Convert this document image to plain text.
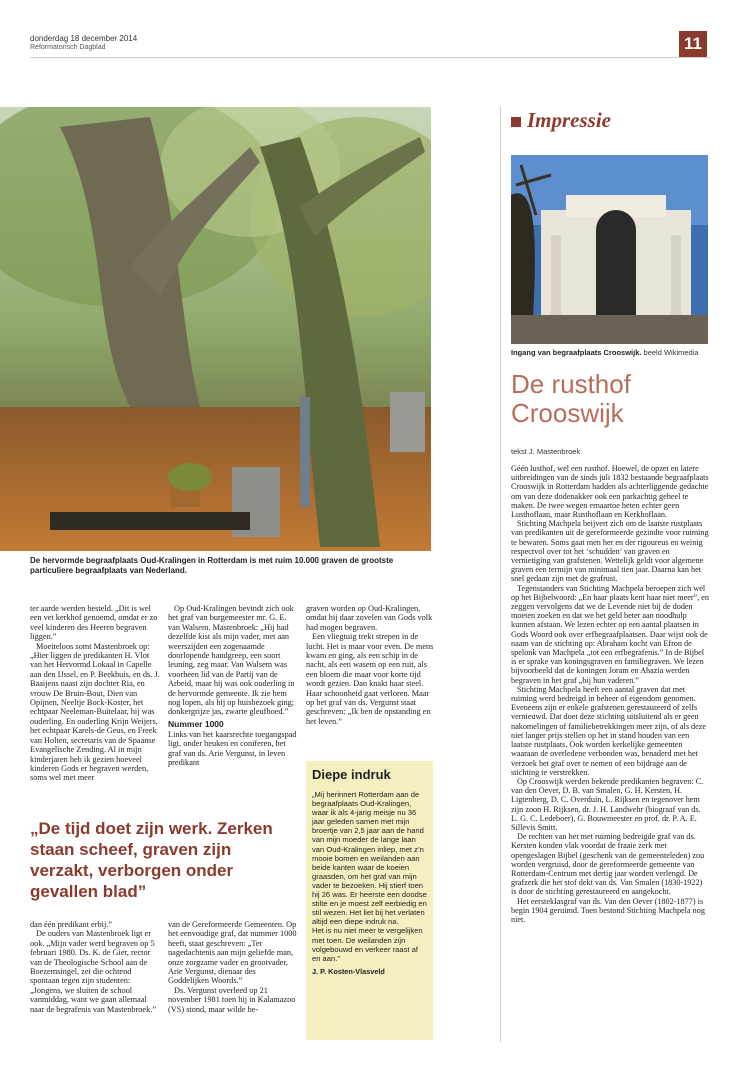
donderdag 18 december 2014
Reformatorisch Dagblad	11
De hervormde begraafplaats Oud-Kralingen in Rotterdam is met ruim 10.000 graven de grootste particuliere begraafplaats van Nederland.

ter aarde werden besteld. „Dit is wel een vet kerkhof genoemd, omdat er zo veel kinderen des Heeren begraven liggen.”

Moeiteloos somt Mastenbroek op: „Hier liggen de predikanten H. Vlot van het Hervormd Lokaal in Capelle aan den IJssel, en P. Beekhuis, en ds. J. Baaijens naast zijn dochter Ria, en vrouw De Bruin-Bout, Dien van Opijnen, Neeltje Bock-Koster, het echtpaar Neeleman-Buitelaar, hij was ouderling. En ouderling Krijn Weijers, het echtpaar Karels-de Geus, en Freek van Holten, secretaris van de Spaanse Evangelische Zending. Al in mijn kinderjaren heb ik gezien hoeveel kinderen Gods er begraven werden, soms wel met meer

Op Oud-Kralingen bevindt zich ook het graf van burgemeester mr. G. E. van Walsem. Mastenbroek: „Hij had dezelfde kist als mijn vader, met aan weerszijden een zogenaamde doorlopende handgreep, een soort leuning, zeg maar. Van Walsem was voorheen lid van de Partij van de Arbeid, maar hij was ook ouderling in de hervormde gemeente. Ik zie hem nog lopen, als hij op huisbezoek ging; donkergrijze jas, zwarte gleufhoed.”

Nummer 1000

Links van het kaarsrechte toegangspad ligt, onder beuken en coniferen, het graf van ds. Arie Vergunst, in leven predikant

graven worden op Oud-Kralingen, omdat hij daar zovelen van Gods volk had mogen begraven.

Een vliegtuig trekt strepen in de lucht. Het is maar voor even. De mens kwam en ging, als een schip in de nacht, als een wasem op een ruit, als een bloem die maar voor korte tijd wordt gezien. Dan knakt haar steel. Haar schoonheid gaat verloren. Maar op het graf van ds. Vergunst staat geschreven: „Ik ben de opstanding en het leven.”

„De tijd doet zijn werk. Zerken staan scheef, graven zijn verzakt, verborgen onder gevallen blad”

dan één predikant erbij.”

De ouders van Mastenbroek ligt er ook. „Mijn vader werd begraven op 5 februari 1980. Ds. K. de Gier, rector van de Theologische School aan de Boezemsingel, zei die ochtend spontaan tegen zijn studenten: „Jongens, we sluiten de school vanmiddag, want we gaan allemaal naar de begrafenis van Mastenbroek.”

van de Gereformeerde Gemeenten. Op het eenvoudige graf, dat nummer 1000 heeft, staat geschreven: „Ter nagedachtenis aan mijn geliefde man, onze zorgzame vader en grootvader, Arie Vergunst, dienaar des Goddelijken Woords.”

Ds. Vergunst overleed op 21 november 1981 toen hij in Kalamazoo (VS) stond, maar wilde be-

Diepe indruk
„Mij herinnert Rotterdam aan de begraafplaats Oud-Kralingen, waar ik als 4-jarig meisje nu 36 jaar geleden samen met mijn broertje van 2,5 jaar aan de hand van mijn moeder de lange laan van Oud-Kralingen inliep, met z’n mooie bomen en weilanden aan beide kanten waar de koeien graasden, om het graf van mijn vader te bezoeken. Hij stierf toen hij 26 was. Er heerste een doodse stilte en je moest zelf eerbiedig en stil wezen. Het liet bij het verlaten altijd een diepe indruk na.
Het is nu niet meer te vergelijken met toen. De weilanden zijn volgebouwd en verkeer raast af en aan.”
J. P. Kosten-Vlasveld
Impressie
Ingang van begraafplaats Crooswijk. beeld Wikimedia
De rusthof
Crooswijk
tekst J. Mastenbroek

Géén lusthof, wel een rusthof. Hoewel, de opzet en latere uitbreidingen van de sinds juli 1832 bestaande begraafplaats Crooswijk in Rotterdam hadden als achterliggende gedachte om van deze dodenakker ook een parkachtig geheel te maken. De twee wegen ernaartoe heten echter geen Lusthoflaan, maar Rusthoflaan en Kerkhoflaan.

Stichting Machpela beijvert zich om de laatste rustplaats van predikanten uit de gereformeerde gezindte voor ruiming te bewaren. Soms gaat men her en der rigoureus en weinig respectvol over tot het ‘schudden’ van graven en vernietiging van grafstenen. Wettelijk geldt voor algemene graven een termijn van minimaal tien jaar. Daarna kan het snel gedaan zijn met de grafrust.

Tegenstanders van Stichting Machpela beroepen zich wel op het Bijbelwoord: „En haar plaats kent haar niet meer”, en zeggen vervolgens dat we de Levende niet bij de doden moeten zoeken en dat we het geld beter aan noodhulp kunnen afstaan. We lezen echter op een aantal plaatsen in Gods Woord ook over erfbegraafplaatsen. Daar wijst ook de naam van de stichting op: Abraham kocht van Efron de spelonk van Machpela „tot een erfbegrafenis.” In de Bijbel is er sprake van koningsgraven en familiegraven. We lezen bijvoorbeeld dat de koningen Joram en Ahazia werden begraven in het graf „bij hun vaderen.”

Stichting Machpela heeft een aantal graven dat met ruiming werd bedreigd in beheer of eigendom genomen. Eveneens zijn er enkele grafstenen gerestaureerd of zelfs vernieuwd. Dat doet deze stichting uitsluitend als er geen nakomelingen of familiebetrekkingen meer zijn, of als deze niet langer prijs stellen op het in stand houden van een laatste rustplaats. Ook worden kerkelijke gemeenten waaraan de overledene verbonden was, benaderd met het verzoek het graf over te nemen of een bijdrage aan de stichting te verstrekken.

Op Crooswijk werden bekende predikanten begraven: C. van den Oever, D. B. van Smalen, G. H. Kersten, H. Ligtenberg, D. C. Overduin, L. Rijksen en tegenover hem zijn zoon H. Rijksen, dr. J. H. Landwehr (biograaf van ds. L. G. C. Ledeboer), G. Bouwmeester en prof. dr. P. A. E. Sillevis Smitt.

De rechten van het met ruiming bedreigde graf van ds. Kersten konden vlak voordat de fraaie zerk met opengeslagen Bijbel (geschenk van de gemeenteleden) zou worden vergruisd, door de gereformeerde gemeente van Rotterdam-Centrum met dertig jaar worden verlengd. De grafzerk die het stof dekt van ds. Van Smalen (1830-1922) is door de stichting gerestaureerd en aangekocht.

Het eerstekIasgraf van ds. Van den Oever (1802-1877) is begin 1904 geruimd. Toen bestond Stichting Machpela nog niet.
